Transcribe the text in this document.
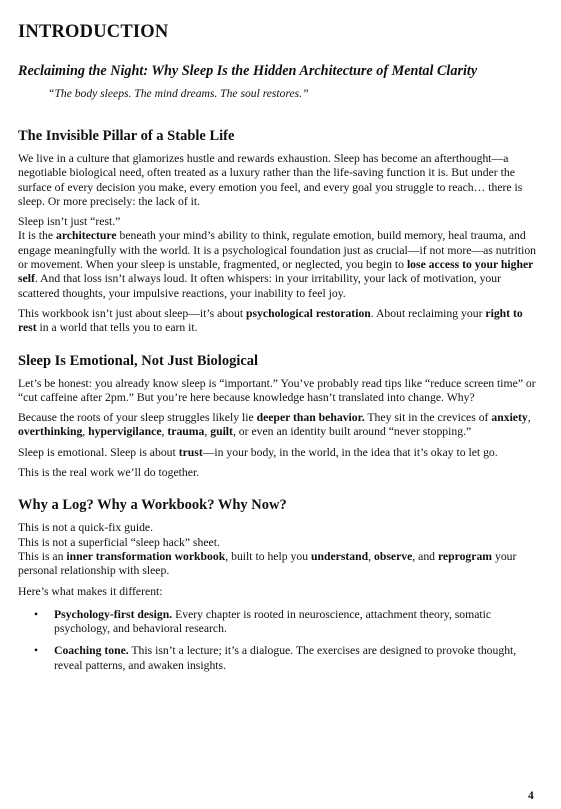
INTRODUCTION
Reclaiming the Night: Why Sleep Is the Hidden Architecture of Mental Clarity
“The body sleeps. The mind dreams. The soul restores.”
The Invisible Pillar of a Stable Life

We live in a culture that glamorizes hustle and rewards exhaustion. Sleep has become an afterthought—a negotiable biological need, often treated as a luxury rather than the life-saving function it is. But under the surface of every decision you make, every emotion you feel, and every goal you struggle to reach… there is sleep. Or more precisely: the lack of it.

Sleep isn’t just “rest.”
It is the architecture beneath your mind’s ability to think, regulate emotion, build memory, heal trauma, and engage meaningfully with the world. It is a psychological foundation just as crucial—if not more—as nutrition or movement. When your sleep is unstable, fragmented, or neglected, you begin to lose access to your higher self. And that loss isn’t always loud. It often whispers: in your irritability, your lack of motivation, your scattered thoughts, your impulsive reactions, your inability to feel joy.

This workbook isn’t just about sleep—it’s about psychological restoration. About reclaiming your right to rest in a world that tells you to earn it.

Sleep Is Emotional, Not Just Biological

Let’s be honest: you already know sleep is “important.” You’ve probably read tips like “reduce screen time” or “cut caffeine after 2pm.” But you’re here because knowledge hasn’t translated into change. Why?

Because the roots of your sleep struggles likely lie deeper than behavior. They sit in the crevices of anxiety, overthinking, hypervigilance, trauma, guilt, or even an identity built around “never stopping.”

Sleep is emotional. Sleep is about trust—in your body, in the world, in the idea that it’s okay to let go.

This is the real work we’ll do together.

Why a Log? Why a Workbook? Why Now?

This is not a quick-fix guide.
This is not a superficial “sleep hack” sheet.
This is an inner transformation workbook, built to help you understand, observe, and reprogram your personal relationship with sleep.

Here’s what makes it different:

• Psychology-first design. Every chapter is rooted in neuroscience, attachment theory, somatic psychology, and behavioral research.
• Coaching tone. This isn’t a lecture; it’s a dialogue. The exercises are designed to provoke thought, reveal patterns, and awaken insights.
4
